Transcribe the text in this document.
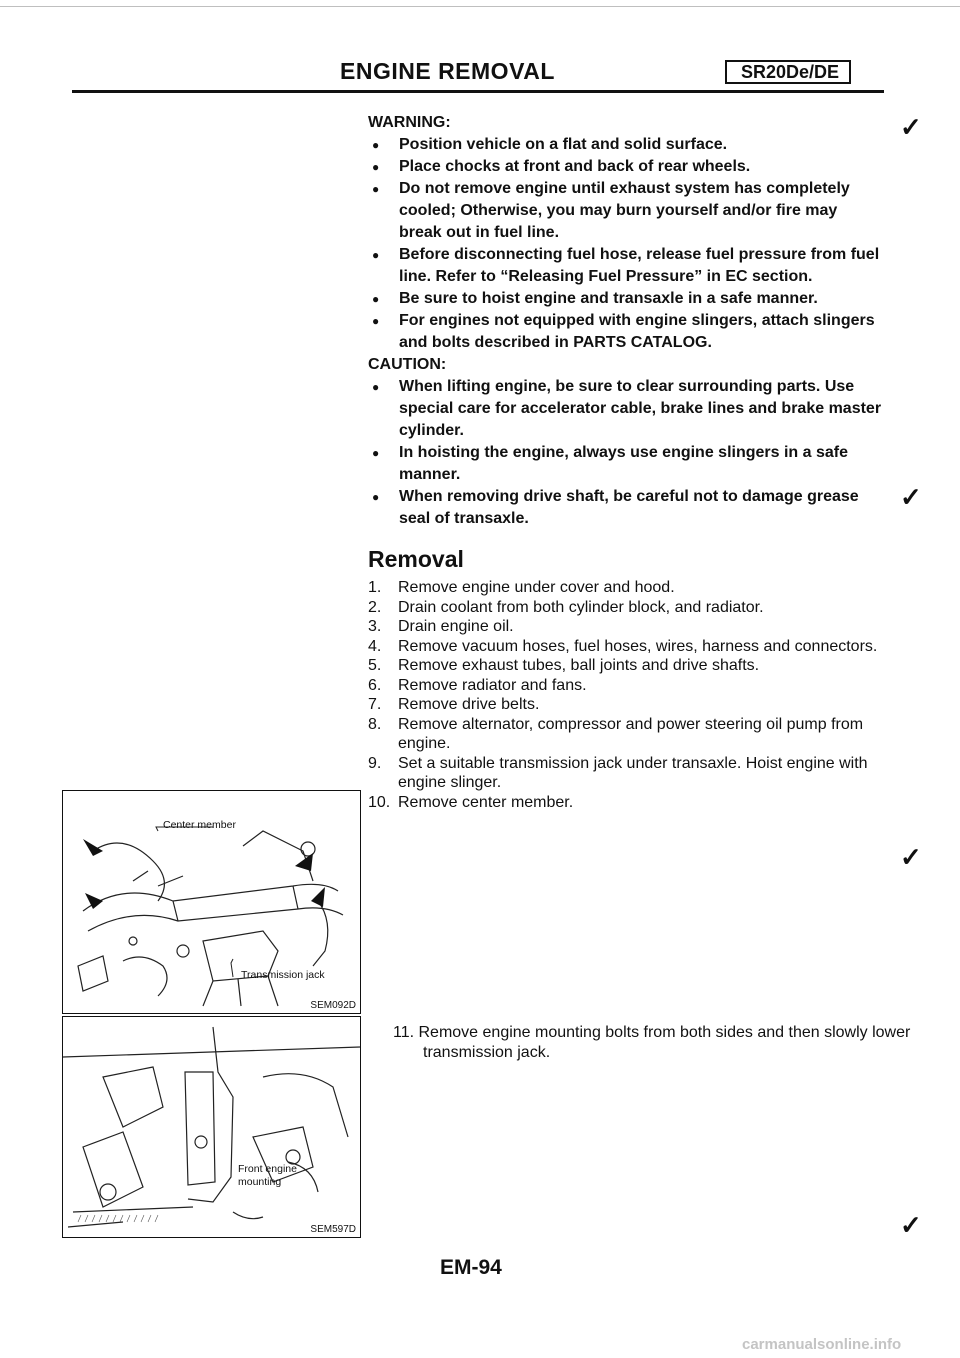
ENGINE REMOVAL	SR20De/DE
WARNING:
● Position vehicle on a flat and solid surface.
● Place chocks at front and back of rear wheels.
● Do not remove engine until exhaust system has completely cooled; Otherwise, you may burn yourself and/or fire may break out in fuel line.
● Before disconnecting fuel hose, release fuel pressure from fuel line. Refer to “Releasing Fuel Pressure” in EC section.
● Be sure to hoist engine and transaxle in a safe manner.
● For engines not equipped with engine slingers, attach slingers and bolts described in PARTS CATALOG.
CAUTION:
● When lifting engine, be sure to clear surrounding parts. Use special care for accelerator cable, brake lines and brake master cylinder.
● In hoisting the engine, always use engine slingers in a safe manner.
● When removing drive shaft, be careful not to damage grease seal of transaxle.
Removal
1. Remove engine under cover and hood.
2. Drain coolant from both cylinder block, and radiator.
3. Drain engine oil.
4. Remove vacuum hoses, fuel hoses, wires, harness and connectors.
5. Remove exhaust tubes, ball joints and drive shafts.
6. Remove radiator and fans.
7. Remove drive belts.
8. Remove alternator, compressor and power steering oil pump from engine.
9. Set a suitable transmission jack under transaxle. Hoist engine with engine slinger.
10. Remove center member.
11. Remove engine mounting bolts from both sides and then slowly lower transmission jack.
Center member
Transmission jack
SEM092D
Front engine
mounting
SEM597D
✓
✓
✓
✓
EM-94
carmanualsonline.info
